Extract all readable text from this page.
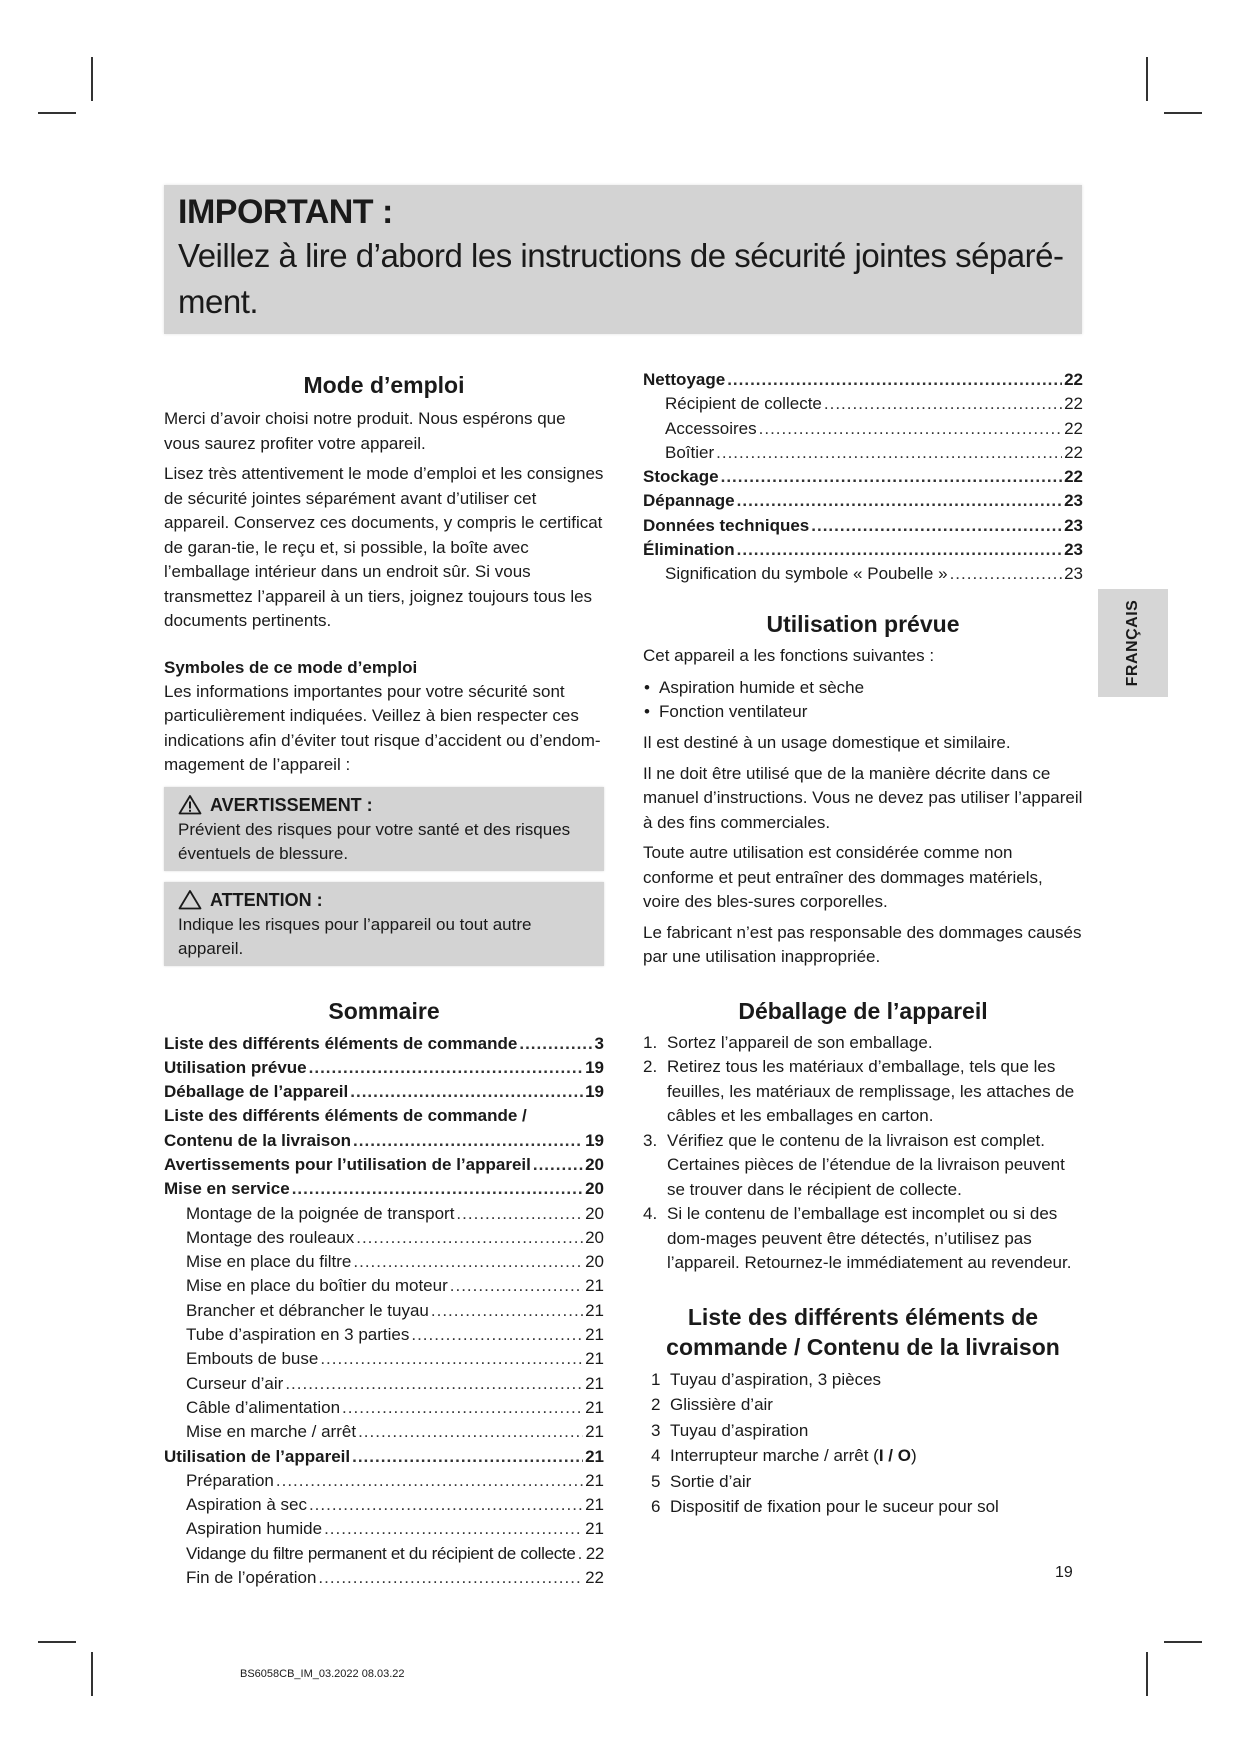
IMPORTANT :
Veillez à lire d’abord les instructions de sécurité jointes séparé-
ment.
Mode d’emploi

Merci d’avoir choisi notre produit. Nous espérons que vous saurez profiter votre appareil.

Lisez très attentivement le mode d’emploi et les consignes de sécurité jointes séparément avant d’utiliser cet appareil. Conservez ces documents, y compris le certificat de garan-tie, le reçu et, si possible, la boîte avec l’emballage intérieur dans un endroit sûr. Si vous transmettez l’appareil à un tiers, joignez toujours tous les documents pertinents.

Symboles de ce mode d’emploi

Les informations importantes pour votre sécurité sont particulièrement indiquées. Veillez à bien respecter ces indications afin d’éviter tout risque d’accident ou d’endom-magement de l’appareil :

AVERTISSEMENT :
Prévient des risques pour votre santé et des risques éventuels de blessure.
ATTENTION :
Indique les risques pour l’appareil ou tout autre appareil.
Sommaire
Liste des différents éléments de commande .....	3
Utilisation prévue .....	19
Déballage de l’appareil .....	19
Liste des différents éléments de commande /
Contenu de la livraison .....	19
Avertissements pour l’utilisation de l’appareil .....	20
Mise en service .....	20
Montage de la poignée de transport .....	20
Montage des rouleaux .....	20
Mise en place du filtre .....	20
Mise en place du boîtier du moteur .....	21
Brancher et débrancher le tuyau .....	21
Tube d’aspiration en 3 parties .....	21
Embouts de buse .....	21
Curseur d’air .....	21
Câble d’alimentation .....	21
Mise en marche / arrêt .....	21
Utilisation de l’appareil .....	21
Préparation .....	21
Aspiration à sec .....	21
Aspiration humide .....	21
Vidange du filtre permanent et du récipient de collecte ..... 22
Fin de l’opération .....	22
Nettoyage .....	22
Récipient de collecte .....	22
Accessoires .....	22
Boîtier .....	22
Stockage .....	22
Dépannage .....	23
Données techniques .....	23
Élimination .....	23
Signification du symbole « Poubelle » .....	23
Utilisation prévue

Cet appareil a les fonctions suivantes :

• Aspiration humide et sèche
• Fonction ventilateur

Il est destiné à un usage domestique et similaire.

Il ne doit être utilisé que de la manière décrite dans ce manuel d’instructions. Vous ne devez pas utiliser l’appareil à des fins commerciales.

Toute autre utilisation est considérée comme non conforme et peut entraîner des dommages matériels, voire des bles-sures corporelles.

Le fabricant n’est pas responsable des dommages causés par une utilisation inappropriée.

Déballage de l’appareil
1. Sortez l’appareil de son emballage.
2. Retirez tous les matériaux d’emballage, tels que les feuilles, les matériaux de remplissage, les attaches de câbles et les emballages en carton.
3. Vérifiez que le contenu de la livraison est complet. Certaines pièces de l’étendue de la livraison peuvent se trouver dans le récipient de collecte.
4. Si le contenu de l’emballage est incomplet ou si des dom-mages peuvent être détectés, n’utilisez pas l’appareil. Retournez-le immédiatement au revendeur.
Liste des différents éléments de
commande / Contenu de la livraison
1 Tuyau d’aspiration, 3 pièces
2 Glissière d’air
3 Tuyau d’aspiration
4 Interrupteur marche / arrêt (I / O)
5 Sortie d’air
6 Dispositif de fixation pour le suceur pour sol
FRANÇAIS
19
BS6058CB_IM_03.2022 08.03.22
